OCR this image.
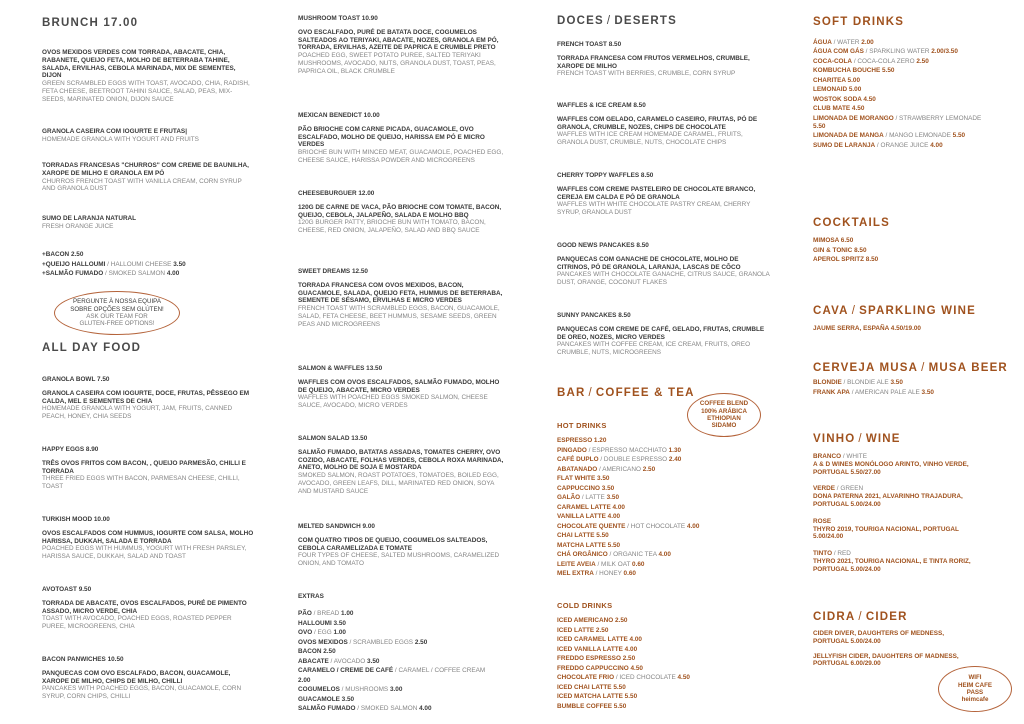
BRUNCH 17.00
OVOS MEXIDOS VERDES COM TORRADA, ABACATE, CHIA, RABANETE, QUEIJO FETA, MOLHO DE BETERRABA TAHINE, SALADA, ERVILHAS, CEBOLA MARINADA, MIX DE SEMENTES, DIJON
GREEN SCRAMBLED EGGS WITH TOAST, AVOCADO, CHIA, RADISH, FETA CHEESE, BEETROOT TAHINI SAUCE, SALAD, PEAS, MIX-SEEDS, MARINATED ONION, DIJON SAUCE
GRANOLA CASEIRA COM IOGURTE E FRUTAS|
HOMEMADE GRANOLA WITH YOGURT AND FRUITS
TORRADAS FRANCESAS "CHURROS" COM CREME DE BAUNILHA, XAROPE DE MILHO E GRANOLA EM PÓ
CHURROS FRENCH TOAST WITH VANILLA CREAM, CORN SYRUP AND GRANOLA DUST
SUMO DE LARANJA NATURAL
FRESH ORANGE JUICE
+BACON 2.50
+QUEIJO HALLOUMI / HALLOUMI CHEESE 3.50
+SALMÃO FUMADO / SMOKED SALMON 4.00
PERGUNTE À NOSSA EQUIPA SOBRE OPÇÕES SEM GLÚTEN!
ASK OUR TEAM FOR GLUTEN-FREE OPTIONS!
ALL DAY FOOD
GRANOLA BOWL 7.50
GRANOLA CASEIRA COM IOGURTE, DOCE, FRUTAS, PÊSSEGO EM CALDA, MEL E SEMENTES DE CHIA
HOMEMADE GRANOLA WITH YOGURT, JAM, FRUITS, CANNED PEACH, HONEY, CHIA SEEDS
HAPPY EGGS 8.90
TRÊS OVOS FRITOS COM BACON, , QUEIJO PARMESÃO, CHILLI E TORRADA
THREE FRIED EGGS WITH BACON, PARMESAN CHEESE, CHILLI, TOAST
TURKISH MOOD 10.00
OVOS ESCALFADOS COM HUMMUS, IOGURTE COM SALSA, MOLHO HARISSA, DUKKAH, SALADA E TORRADA
POACHED EGGS WITH HUMMUS, YOGURT WITH FRESH PARSLEY, HARISSA SAUCE, DUKKAH, SALAD AND TOAST
AVOTOAST 9.50
TORRADA DE ABACATE, OVOS ESCALFADOS, PURÉ DE PIMENTO ASSADO, MICRO VERDE, CHIA
TOAST WITH AVOCADO, POACHED EGGS, ROASTED PEPPER PUREE, MICROGREENS, CHIA
BACON PANWICHES 10.50
PANQUECAS COM OVO ESCALFADO, BACON, GUACAMOLE, XAROPE DE MILHO, CHIPS DE MILHO, CHILLI
PANCAKES WITH POACHED EGGS, BACON, GUACAMOLE, CORN SYRUP, CORN CHIPS, CHILLI
MUSHROOM TOAST 10.90
OVO ESCALFADO, PURÉ DE BATATA DOCE, COGUMELOS SALTEADOS AO TERIYAKI, ABACATE, NOZES, GRANOLA EM PÓ, TORRADA, ERVILHAS, AZEITE DE PAPRICA E CRUMBLE PRETO
POACHED EGG, SWEET POTATO PUREE, SALTED TERIYAKI MUSHROOMS, AVOCADO, NUTS, GRANOLA DUST, TOAST, PEAS, PAPRICA OIL, BLACK CRUMBLE
MEXICAN BENEDICT 10.00
PÃO BRIOCHE COM CARNE PICADA, GUACAMOLE, OVO ESCALFADO, MOLHO DE QUEIJO, HARISSA EM PÓ E MICRO VERDES
BRIOCHE BUN WITH MINCED MEAT, GUACAMOLE, POACHED EGG, CHEESE SAUCE, HARISSA POWDER AND MICROGREENS
CHEESEBURGUER 12.00
120G DE CARNE DE VACA, PÃO BRIOCHE COM TOMATE, BACON, QUEIJO, CEBOLA, JALAPEÑO, SALADA E MOLHO BBQ
120G BURGER PATTY, BRIOCHE BUN WITH TOMATO, BACON, CHEESE, RED ONION, JALAPEÑO, SALAD AND BBQ SAUCE
SWEET DREAMS 12.50
TORRADA FRANCESA COM OVOS MEXIDOS, BACON, GUACAMOLE, SALADA, QUEIJO FETA, HUMMUS DE BETERRABA, SEMENTE DE SÉSAMO, ERVILHAS E MICRO VERDES
FRENCH TOAST WITH SCRAMBLED EGGS, BACON, GUACAMOLE, SALAD, FETA CHEESE, BEET HUMMUS, SESAME SEEDS, GREEN PEAS AND MICROGREENS
SALMON & WAFFLES 13.50
WAFFLES COM OVOS ESCALFADOS, SALMÃO FUMADO, MOLHO DE QUEIJO, ABACATE, MICRO VERDES
WAFFLES WITH POACHED EGGS SMOKED SALMON, CHEESE SAUCE, AVOCADO, MICRO VERDES
SALMON SALAD 13.50
SALMÃO FUMADO, BATATAS ASSADAS, TOMATES CHERRY, OVO COZIDO, ABACATE, FOLHAS VERDES, CEBOLA ROXA MARINADA, ANETO, MOLHO DE SOJA E MOSTARDA
SMOKED SALMON, ROAST POTATOES, TOMATOES, BOILED EGG, AVOCADO, GREEN LEAFS, DILL, MARINATED RED ONION, SOYA AND MUSTARD SAUCE
MELTED SANDWICH 9.00
COM QUATRO TIPOS DE QUEIJO, COGUMELOS SALTEADOS, CEBOLA CARAMELIZADA E TOMATE
FOUR TYPES OF CHEESE, SALTED MUSHROOMS, CARAMELIZED ONION, AND TOMATO
EXTRAS
PÃO / BREAD 1.00
HALLOUMI 3.50
OVO / EGG 1.00
OVOS MEXIDOS / SCRAMBLED EGGS 2.50
BACON 2.50
ABACATE / AVOCADO 3.50
CARAMELO / CREME DE CAFÉ / CARAMEL / COFFEE CREAM
2.00
COGUMELOS / MUSHROOMS 3.00
GUACAMOLE 3.50
SALMÃO FUMADO / SMOKED SALMON 4.00
DOCES / DESERTS
FRENCH TOAST 8.50
TORRADA FRANCESA COM FRUTOS VERMELHOS, CRUMBLE, XAROPE DE MILHO
FRENCH TOAST WITH BERRIES, CRUMBLE, CORN SYRUP
WAFFLES & ICE CREAM 8.50
WAFFLES COM GELADO, CARAMELO CASEIRO, FRUTAS, PÓ DE GRANOLA, CRUMBLE, NOZES, CHIPS DE CHOCOLATE
WAFFLES WITH ICE CREAM HOMEMADE CARAMEL, FRUITS, GRANOLA DUST, CRUMBLE, NUTS, CHOCOLATE CHIPS
CHERRY TOPPY WAFFLES 8.50
WAFFLES COM CREME PASTELEIRO DE CHOCOLATE BRANCO, CEREJA EM CALDA E PÓ DE GRANOLA
WAFFLES WITH WHITE CHOCOLATE PASTRY CREAM, CHERRY SYRUP, GRANOLA DUST
GOOD NEWS PANCAKES 8.50
PANQUECAS COM GANACHE DE CHOCOLATE, MOLHO DE CITRINOS, PÓ DE GRANOLA, LARANJA, LASCAS DE CÔCO
PANCAKES WITH CHOCOLATE GANACHE, CITRUS SAUCE, GRANOLA DUST, ORANGE, COCONUT FLAKES
SUNNY PANCAKES 8.50
PANQUECAS COM CREME DE CAFÉ, GELADO, FRUTAS, CRUMBLE DE OREO, NOZES, MICRO VERDES
PANCAKES WITH COFFEE CREAM, ICE CREAM, FRUITS, OREO CRUMBLE, NUTS, MICROGREENS
BAR / COFFEE & TEA
COFFEE BLEND
100% ARÁBICA
ETHIOPIAN
SIDAMO
HOT DRINKS
ESPRESSO 1.20
PINGADO / ESPRESSO MACCHIATO 1.30
CAFÉ DUPLO / DOUBLE ESPRESSO 2.40
ABATANADO / AMERICANO 2.50
FLAT WHITE 3.50
CAPPUCCINO 3.50
GALÃO / LATTE 3.50
CARAMEL LATTE 4.00
VANILLA LATTE 4.00
CHOCOLATE QUENTE / HOT CHOCOLATE 4.00
CHAI LATTE 5.50
MATCHA LATTE 5.50
CHÁ ORGÂNICO / ORGANIC TEA 4.00
LEITE AVEIA / MILK OAT 0.60
MEL EXTRA / HONEY 0.60
COLD DRINKS
ICED AMERICANO 2.50
ICED LATTE 2.50
ICED CARAMEL LATTE 4.00
ICED VANILLA LATTE 4.00
FREDDO ESPRESSO 2.50
FREDDO CAPPUCCINO 4.50
CHOCOLATE FRIO / ICED CHOCOLATE 4.50
ICED CHAI LATTE 5.50
ICED MATCHA LATTE 5.50
BUMBLE COFFEE 5.50
SOFT DRINKS
ÁGUA / WATER 2.00
ÁGUA COM GÁS / SPARKLING WATER 2.00/3.50
COCA-COLA / COCA-COLA ZERO 2.50
KOMBUCHA BOUCHE 5.50
CHARITEA 5.00
LEMONAID 5.00
WOSTOK SODA 4.50
CLUB MATE 4.50
LIMONADA DE MORANGO / STRAWBERRY LEMONADE 5.50
LIMONADA DE MANGA / MANGO LEMONADE 5.50
SUMO DE LARANJA / ORANGE JUICE 4.00
COCKTAILS
MIMOSA 6.50
GIN & TONIC 8.50
APEROL SPRITZ 8.50
CAVA / SPARKLING WINE
JAUME SERRA, ESPAÑA 4.50/19.00
CERVEJA MUSA / MUSA BEER
BLONDIE / BLONDIE ALE 3.50
FRANK APA / AMERICAN PALE ALE 3.50
VINHO / WINE
BRANCO / WHITE
A & D WINES MONÓLOGO ARINTO, VINHO VERDE, PORTUGAL 5.50/27.00
VERDE / GREEN
DONA PATERNA 2021, ALVARINHO TRAJADURA, PORTUGAL 5.00/24.00
ROSE
THYRO 2019, TOURIGA NACIONAL, PORTUGAL 5.00/24.00
TINTO / RED
THYRO 2021, TOURIGA NACIONAL, E TINTA RORIZ, PORTUGAL 5.00/24.00
CIDRA / CIDER
CIDER DIVER, DAUGHTERS OF MEDNESS, PORTUGAL 5.00/24.00
JELLYFISH CIDER, DAUGHTERS OF MADNESS, PORTUGAL 6.00/29.00
WIFI
HEIM CAFE
PASS
heimcafe
